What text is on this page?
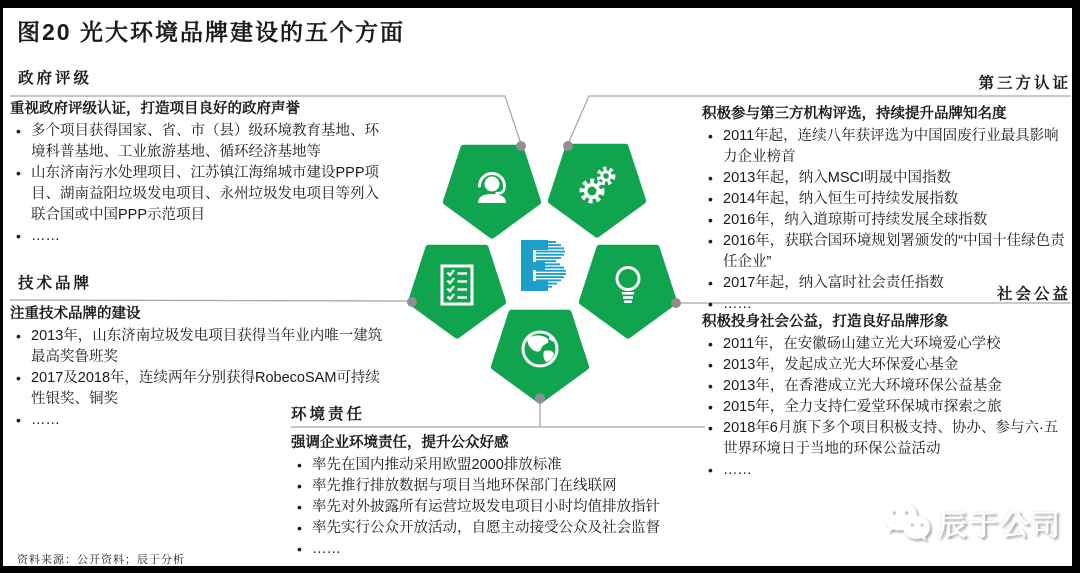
图20 光大环境品牌建设的五个方面
政府评级
重视政府评级认证，打造项目良好的政府声誉
• 多个项目获得国家、省、市（县）级环境教育基地、环境科普基地、工业旅游基地、循环经济基地等
• 山东济南污水处理项目、江苏镇江海绵城市建设PPP项目、湖南益阳垃圾发电项目、永州垃圾发电项目等列入联合国或中国PPP示范项目
• ……
第三方认证
积极参与第三方机构评选，持续提升品牌知名度
• 2011年起，连续八年获评选为中国固废行业最具影响力企业榜首
• 2013年起，纳入MSCI明晟中国指数
• 2014年起，纳入恒生可持续发展指数
• 2016年，纳入道琼斯可持续发展全球指数
• 2016年，获联合国环境规划署颁发的“中国十佳绿色责任企业”
• 2017年起，纳入富时社会责任指数
• ……
技术品牌
注重技术品牌的建设
• 2013年，山东济南垃圾发电项目获得当年业内唯一建筑最高奖鲁班奖
• 2017及2018年，连续两年分别获得RobecoSAM可持续性银奖、铜奖
• ……
社会公益
积极投身社会公益，打造良好品牌形象
• 2011年，在安徽砀山建立光大环境爱心学校
• 2013年，发起成立光大环保爱心基金
• 2013年，在香港成立光大环境环保公益基金
• 2015年，全力支持仁爱堂环保城市探索之旅
• 2018年6月旗下多个项目积极支持、协办、参与六·五世界环境日于当地的环保公益活动
• ……
环境责任
强调企业环境责任，提升公众好感
• 率先在国内推动采用欧盟2000排放标准
• 率先推行排放数据与项目当地环保部门在线联网
• 率先对外披露所有运营垃圾发电项目小时均值排放指针
• 率先实行公众开放活动，自愿主动接受公众及社会监督
• ……
资料来源：公开资料；辰于分析
辰于公司
